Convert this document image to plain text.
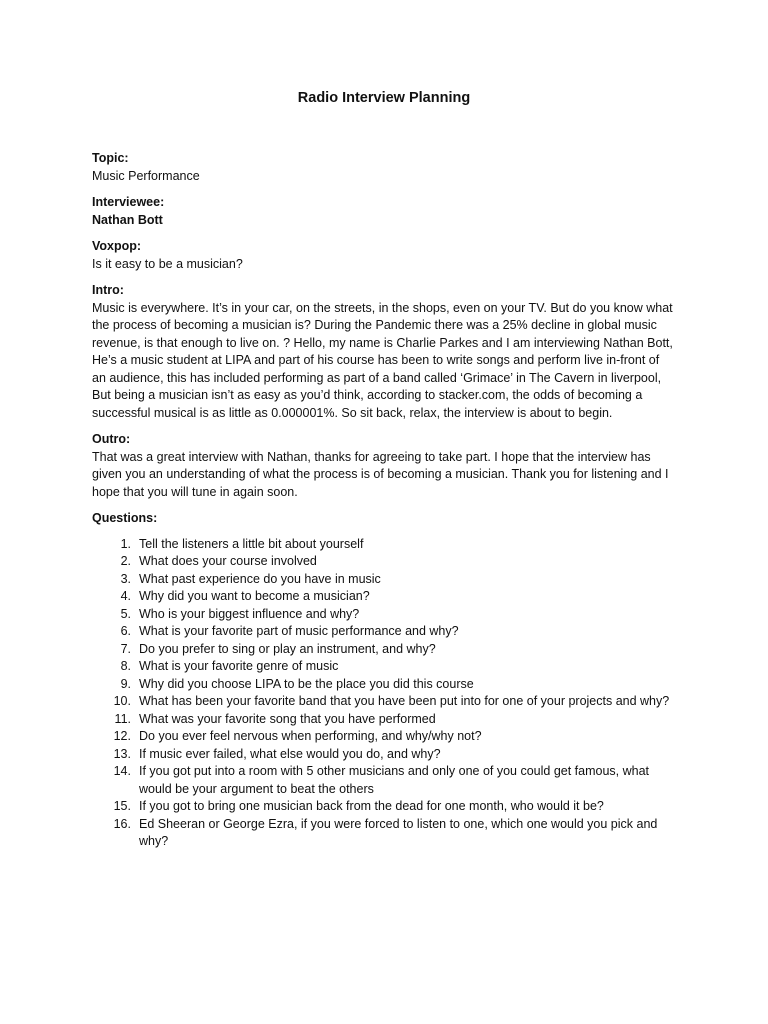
Radio Interview Planning
Topic:
Music Performance
Interviewee:
Nathan Bott
Voxpop:
Is it easy to be a musician?
Intro:

Music is everywhere. It’s in your car, on the streets, in the shops, even on your TV. But do you know what the process of becoming a musician is? During the Pandemic there was a 25% decline in global music revenue, is that enough to live on. ? Hello, my name is Charlie Parkes and I am interviewing Nathan Bott, He’s a music student at LIPA and part of his course has been to write songs and perform live in-front of an audience, this has included performing as part of a band called ‘Grimace’ in The Cavern in liverpool, But being a musician isn’t as easy as you’d think, according to stacker.com, the odds of becoming a successful musical is as little as 0.000001%. So sit back, relax, the interview is about to begin.

Outro:

That was a great interview with Nathan, thanks for agreeing to take part. I hope that the interview has given you an understanding of what the process is of becoming a musician. Thank you for listening and I hope that you will tune in again soon.

Questions:
1. Tell the listeners a little bit about yourself
2. What does your course involved
3. What past experience do you have in music
4. Why did you want to become a musician?
5. Who is your biggest influence and why?
6. What is your favorite part of music performance and why?
7. Do you prefer to sing or play an instrument, and why?
8. What is your favorite genre of music
9. Why did you choose LIPA to be the place you did this course
10. What has been your favorite band that you have been put into for one of your projects and why?
11. What was your favorite song that you have performed
12. Do you ever feel nervous when performing, and why/why not?
13. If music ever failed, what else would you do, and why?
14. If you got put into a room with 5 other musicians and only one of you could get famous, what would be your argument to beat the others
15. If you got to bring one musician back from the dead for one month, who would it be?
16. Ed Sheeran or George Ezra, if you were forced to listen to one, which one would you pick and why?
